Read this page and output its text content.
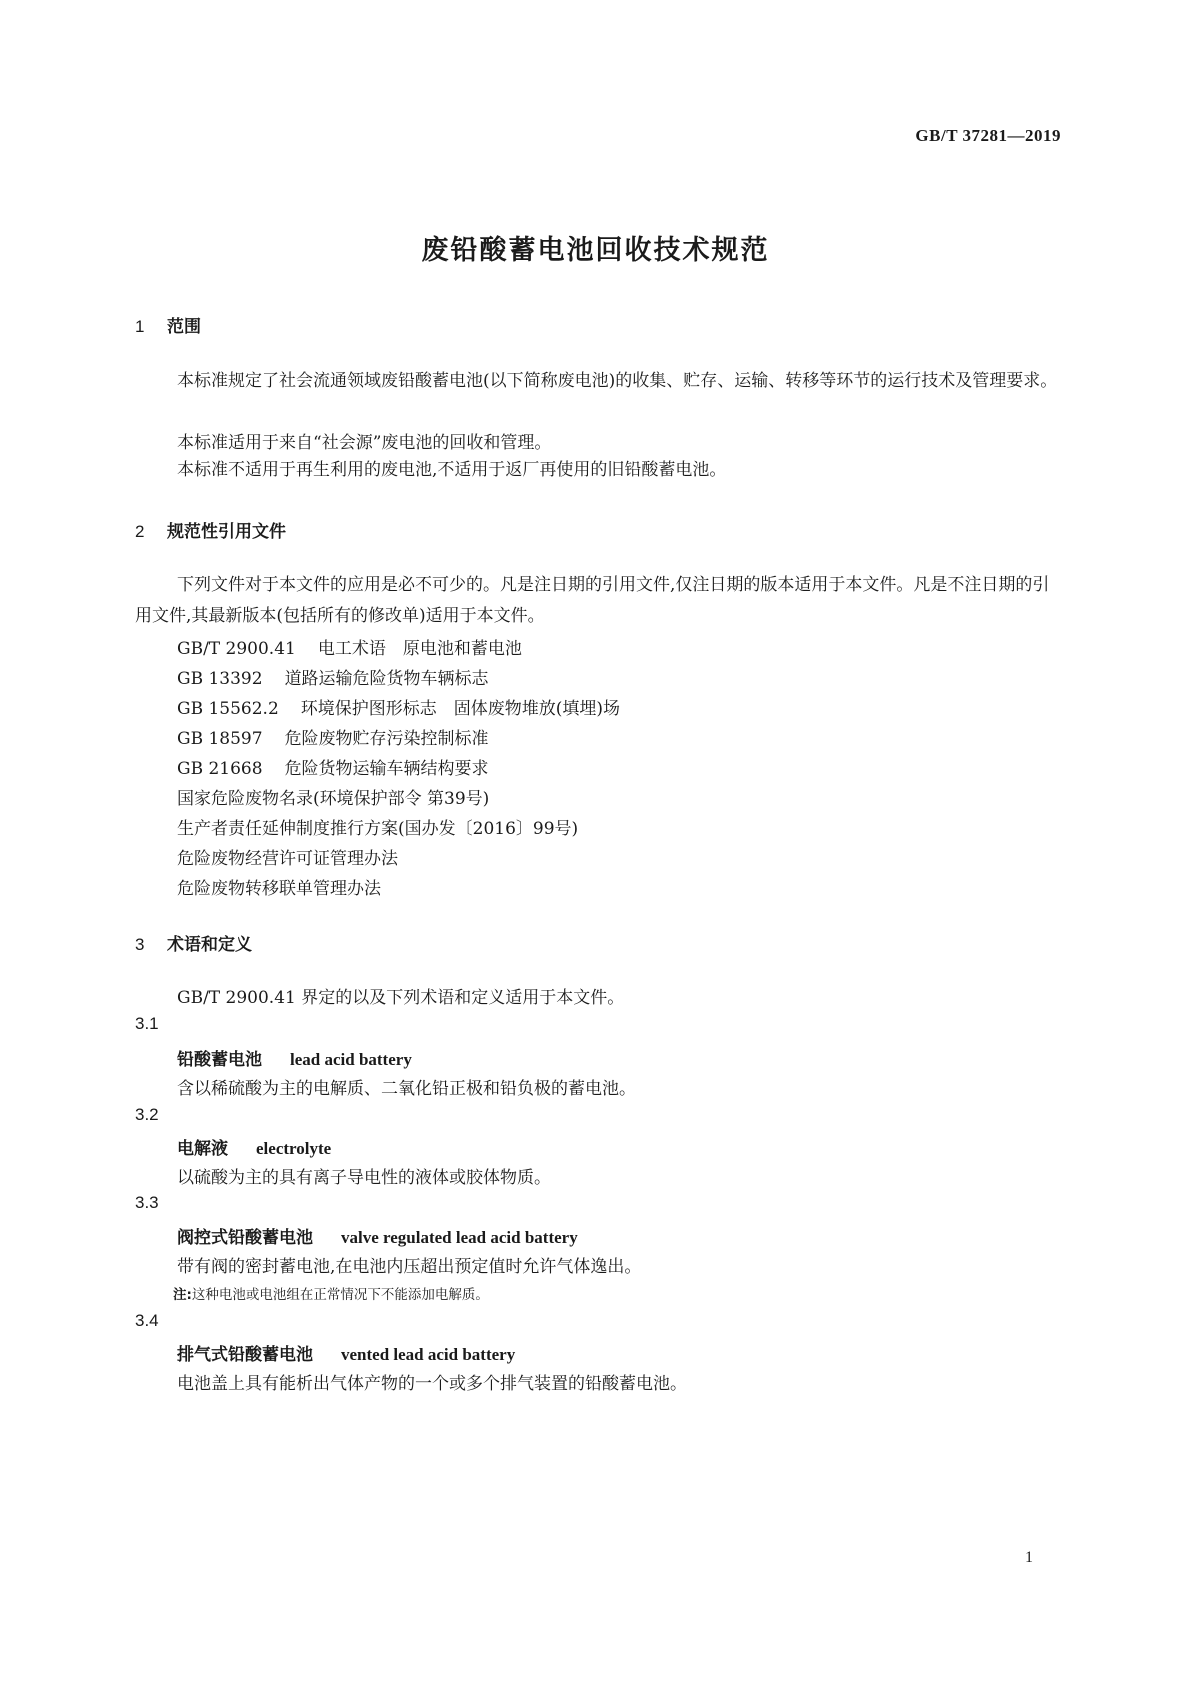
GB/T 37281—2019
废铅酸蓄电池回收技术规范
1 范围
本标准规定了社会流通领域废铅酸蓄电池(以下简称废电池)的收集、贮存、运输、转移等环节的运行技术及管理要求。
本标准适用于来自“社会源”废电池的回收和管理。
本标准不适用于再生利用的废电池,不适用于返厂再使用的旧铅酸蓄电池。
2 规范性引用文件
下列文件对于本文件的应用是必不可少的。凡是注日期的引用文件,仅注日期的版本适用于本文件。凡是不注日期的引用文件,其最新版本(包括所有的修改单)适用于本文件。
GB/T 2900.41 电工术语　原电池和蓄电池
GB 13392 道路运输危险货物车辆标志
GB 15562.2 环境保护图形标志　固体废物堆放(填埋)场
GB 18597 危险废物贮存污染控制标准
GB 21668 危险货物运输车辆结构要求
国家危险废物名录(环境保护部令 第39号)
生产者责任延伸制度推行方案(国办发〔2016〕99号)
危险废物经营许可证管理办法
危险废物转移联单管理办法
3 术语和定义
GB/T 2900.41 界定的以及下列术语和定义适用于本文件。
3.1
铅酸蓄电池 lead acid battery
含以稀硫酸为主的电解质、二氧化铅正极和铅负极的蓄电池。
3.2
电解液 electrolyte
以硫酸为主的具有离子导电性的液体或胶体物质。
3.3
阀控式铅酸蓄电池 valve regulated lead acid battery
带有阀的密封蓄电池,在电池内压超出预定值时允许气体逸出。
注:这种电池或电池组在正常情况下不能添加电解质。
3.4
排气式铅酸蓄电池 vented lead acid battery
电池盖上具有能析出气体产物的一个或多个排气装置的铅酸蓄电池。
1
